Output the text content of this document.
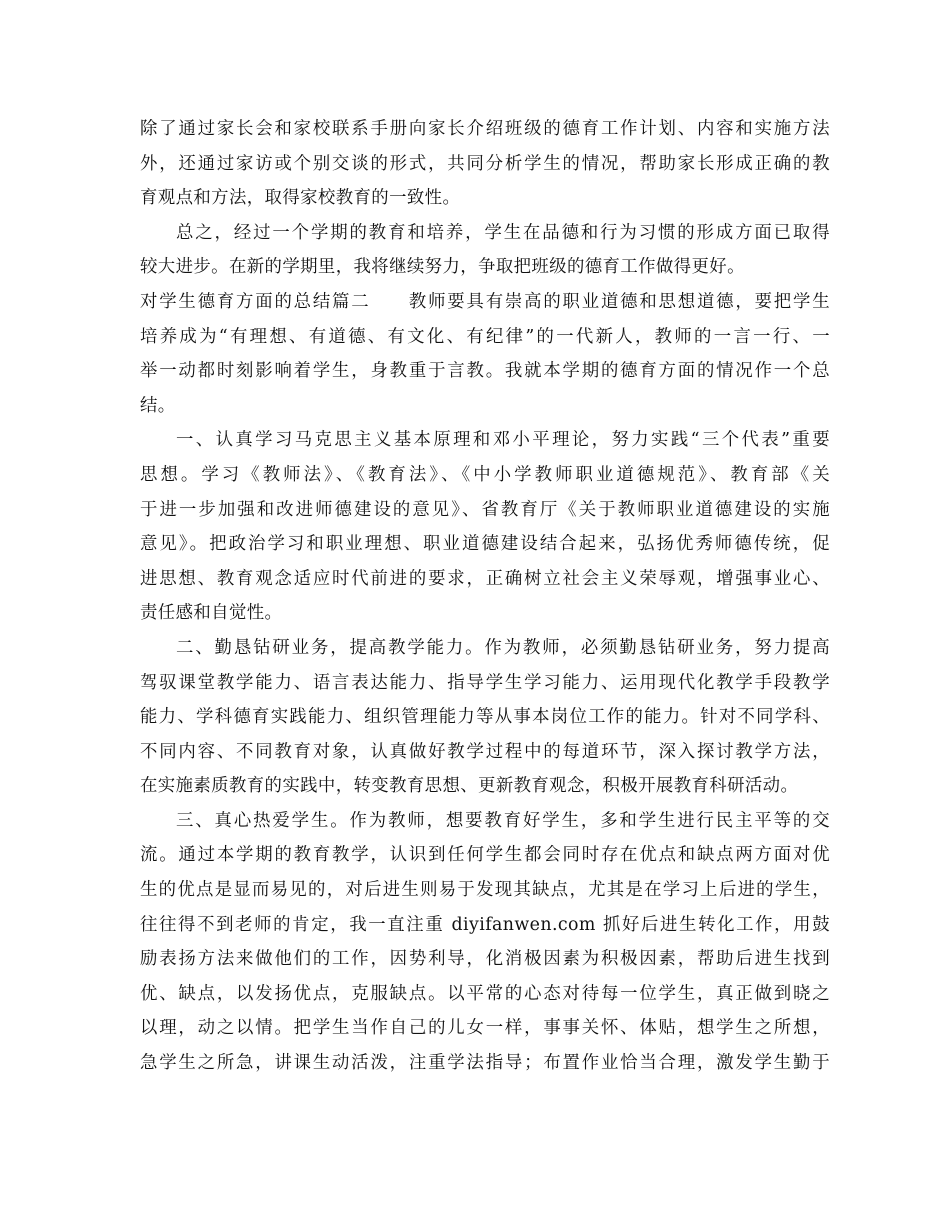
除了通过家长会和家校联系手册向家长介绍班级的德育工作计划、内容和实施方法
外，还通过家访或个别交谈的形式，共同分析学生的情况，帮助家长形成正确的教
育观点和方法，取得家校教育的一致性。
总之，经过一个学期的教育和培养，学生在品德和行为习惯的形成方面已取得
较大进步。在新的学期里，我将继续努力，争取把班级的德育工作做得更好。
对学生德育方面的总结篇二　　教师要具有崇高的职业道德和思想道德，要把学生
培养成为“有理想、有道德、有文化、有纪律”的一代新人，教师的一言一行、一
举一动都时刻影响着学生，身教重于言教。我就本学期的德育方面的情况作一个总
结。
一、认真学习马克思主义基本原理和邓小平理论，努力实践“三个代表”重要
思想。学习《教师法》、《教育法》、《中小学教师职业道德规范》、教育部《关
于进一步加强和改进师德建设的意见》、省教育厅《关于教师职业道德建设的实施
意见》。把政治学习和职业理想、职业道德建设结合起来，弘扬优秀师德传统，促
进思想、教育观念适应时代前进的要求，正确树立社会主义荣辱观，增强事业心、
责任感和自觉性。
二、勤恳钻研业务，提高教学能力。作为教师，必须勤恳钻研业务，努力提高
驾驭课堂教学能力、语言表达能力、指导学生学习能力、运用现代化教学手段教学
能力、学科德育实践能力、组织管理能力等从事本岗位工作的能力。针对不同学科、
不同内容、不同教育对象，认真做好教学过程中的每道环节，深入探讨教学方法，
在实施素质教育的实践中，转变教育思想、更新教育观念，积极开展教育科研活动。
三、真心热爱学生。作为教师，想要教育好学生，多和学生进行民主平等的交
流。通过本学期的教育教学，认识到任何学生都会同时存在优点和缺点两方面对优
生的优点是显而易见的，对后进生则易于发现其缺点，尤其是在学习上后进的学生，
往往得不到老师的肯定，我一直注重 diyifanwen.com 抓好后进生转化工作，用鼓
励表扬方法来做他们的工作，因势利导，化消极因素为积极因素，帮助后进生找到
优、缺点，以发扬优点，克服缺点。以平常的心态对待每一位学生，真正做到晓之
以理，动之以情。把学生当作自己的儿女一样，事事关怀、体贴，想学生之所想，
急学生之所急，讲课生动活泼，注重学法指导；布置作业恰当合理，激发学生勤于
